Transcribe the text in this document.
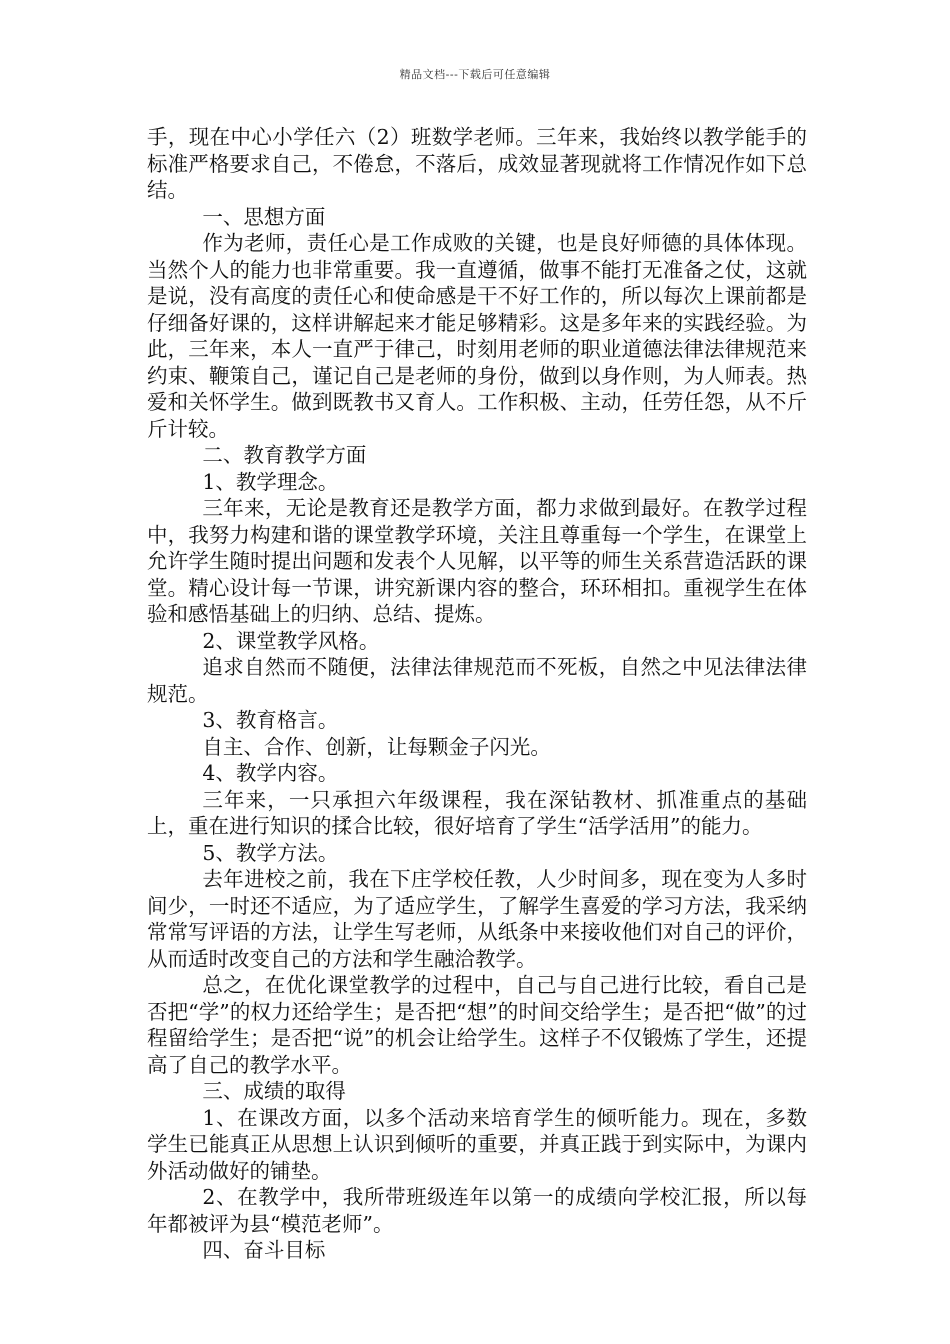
精品文档---下载后可任意编辑

手，现在中心小学任六（2）班数学老师。三年来，我始终以教学能手的标准严格要求自己，不倦怠，不落后，成效显著现就将工作情况作如下总结。

一、思想方面

作为老师，责任心是工作成败的关键，也是良好师德的具体体现。当然个人的能力也非常重要。我一直遵循，做事不能打无准备之仗，这就是说，没有高度的责任心和使命感是干不好工作的，所以每次上课前都是仔细备好课的，这样讲解起来才能足够精彩。这是多年来的实践经验。为此，三年来，本人一直严于律己，时刻用老师的职业道德法律法律规范来约束、鞭策自己，谨记自己是老师的身份，做到以身作则，为人师表。热爱和关怀学生。做到既教书又育人。工作积极、主动，任劳任怨，从不斤斤计较。

二、教育教学方面

1、教学理念。

三年来，无论是教育还是教学方面，都力求做到最好。在教学过程中，我努力构建和谐的课堂教学环境，关注且尊重每一个学生，在课堂上允许学生随时提出问题和发表个人见解，以平等的师生关系营造活跃的课堂。精心设计每一节课，讲究新课内容的整合，环环相扣。重视学生在体验和感悟基础上的归纳、总结、提炼。

2、课堂教学风格。

追求自然而不随便，法律法律规范而不死板，自然之中见法律法律规范。

3、教育格言。

自主、合作、创新，让每颗金子闪光。

4、教学内容。

三年来，一只承担六年级课程，我在深钻教材、抓准重点的基础上，重在进行知识的揉合比较，很好培育了学生“活学活用”的能力。

5、教学方法。

去年进校之前，我在下庄学校任教，人少时间多，现在变为人多时间少，一时还不适应，为了适应学生，了解学生喜爱的学习方法，我采纳常常写评语的方法，让学生写老师，从纸条中来接收他们对自己的评价，从而适时改变自己的方法和学生融洽教学。

总之，在优化课堂教学的过程中，自己与自己进行比较，看自己是否把“学”的权力还给学生；是否把“想”的时间交给学生；是否把“做”的过程留给学生；是否把“说”的机会让给学生。这样子不仅锻炼了学生，还提高了自己的教学水平。

三、成绩的取得

1、在课改方面，以多个活动来培育学生的倾听能力。现在，多数学生已能真正从思想上认识到倾听的重要，并真正践于到实际中，为课内外活动做好的铺垫。

2、在教学中，我所带班级连年以第一的成绩向学校汇报，所以每年都被评为县“模范老师”。

四、奋斗目标
